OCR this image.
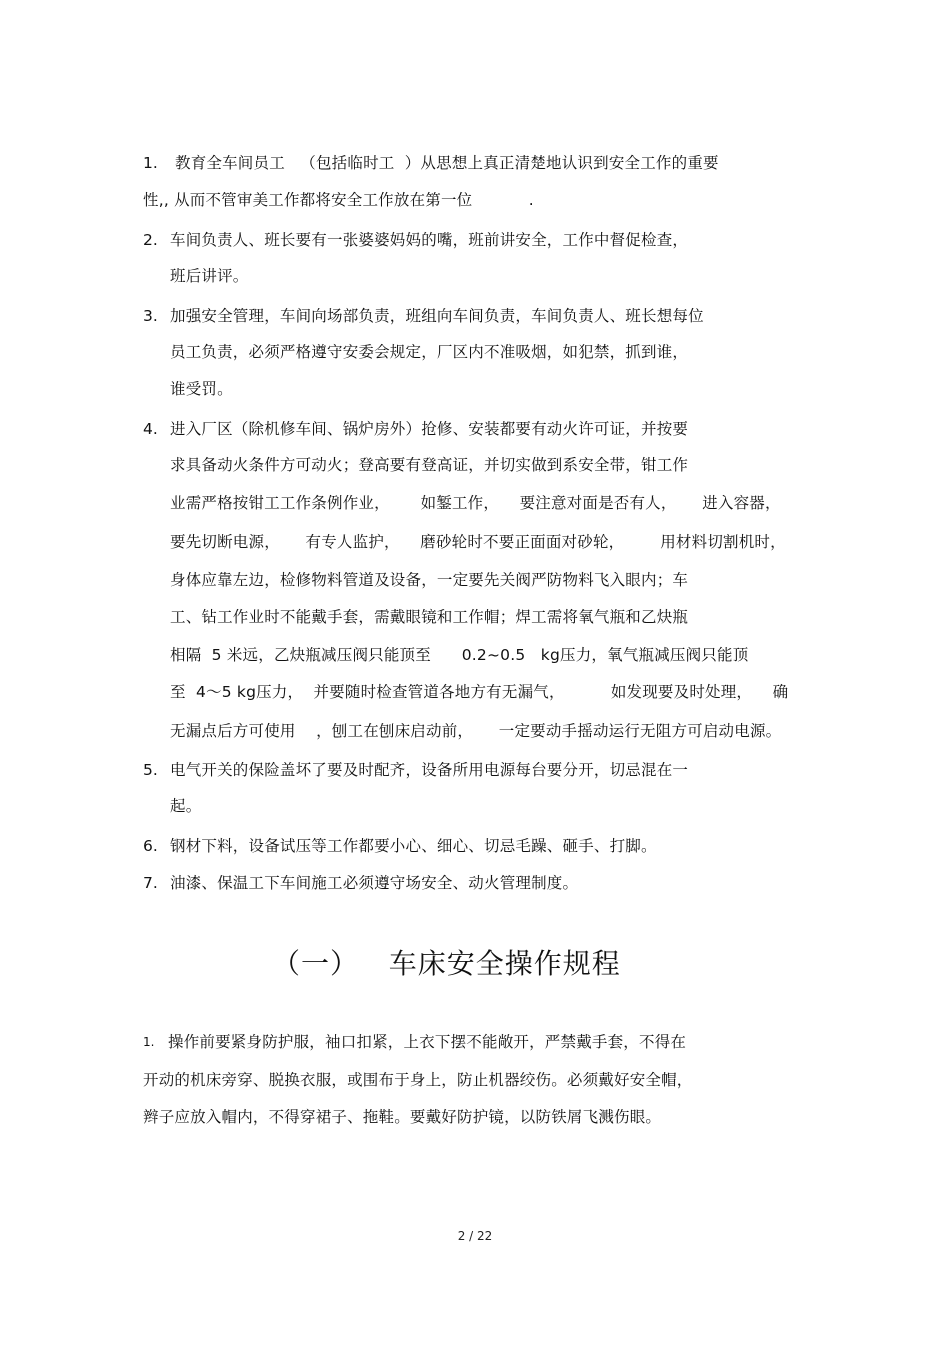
1. 教育全车间员工   （包括临时工  ）从思想上真正清楚地认识到安全工作的重要
性,, 从而不管审美工作都将安全工作放在第一位           .
2. 车间负责人、班长要有一张婆婆妈妈的嘴，班前讲安全，工作中督促检查，
班后讲评。
3. 加强安全管理，车间向场部负责，班组向车间负责，车间负责人、班长想每位
员工负责，必须严格遵守安委会规定，厂区内不准吸烟，如犯禁，抓到谁，
谁受罚。
4. 进入厂区（除机修车间、锅炉房外）抢修、安装都要有动火许可证，并按要
求具备动火条件方可动火；登高要有登高证，并切实做到系安全带，钳工作
业需严格按钳工工作条例作业，      如錾工作，    要注意对面是否有人，     进入容器，
要先切断电源，     有专人监护，    磨砂轮时不要正面面对砂轮，       用材料切割机时，
身体应靠左边，检修物料管道及设备，一定要先关阀严防物料飞入眼内；车
工、钻工作业时不能戴手套，需戴眼镜和工作帽；焊工需将氧气瓶和乙炔瓶
相隔  5 米远，乙炔瓶减压阀只能顶至      0.2~0.5   kg压力，氧气瓶减压阀只能顶
至  4～5 kg压力，  并要随时检查管道各地方有无漏气，         如发现要及时处理，    确
无漏点后方可使用    ，刨工在刨床启动前，     一定要动手摇动运行无阻方可启动电源。
5. 电气开关的保险盖坏了要及时配齐，设备所用电源每台要分开，切忌混在一
起。
6. 钢材下料，设备试压等工作都要小心、细心、切忌毛躁、砸手、打脚。
7. 油漆、保温工下车间施工必须遵守场安全、动火管理制度。
（一）   车床安全操作规程
1. 操作前要紧身防护服，袖口扣紧，上衣下摆不能敞开，严禁戴手套，不得在
开动的机床旁穿、脱换衣服，或围布于身上，防止机器绞伤。必须戴好安全帽，
辫子应放入帽内，不得穿裙子、拖鞋。要戴好防护镜，以防铁屑飞溅伤眼。
2 / 22
